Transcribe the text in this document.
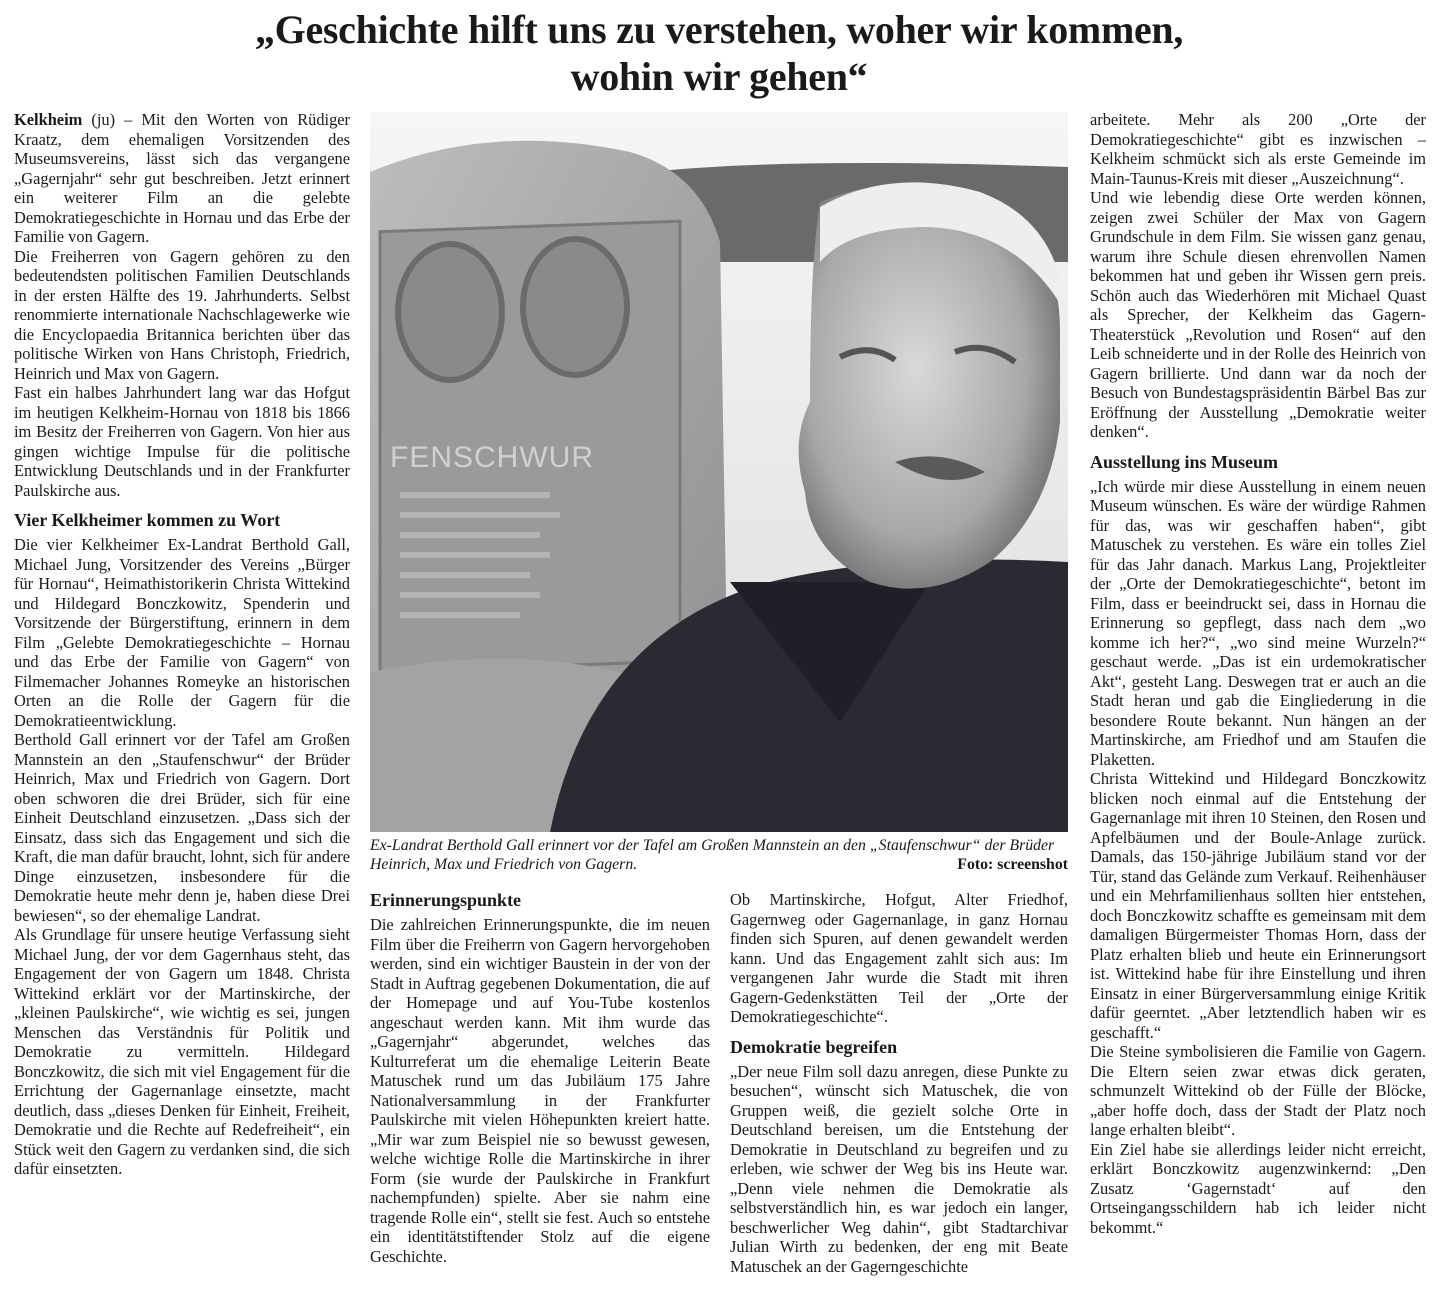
„Geschichte hilft uns zu verstehen, woher wir kommen,
wohin wir gehen“

Kelkheim (ju) – Mit den Worten von Rüdiger Kraatz, dem ehemaligen Vorsitzenden des Museumsvereins, lässt sich das vergangene „Gagernjahr“ sehr gut beschreiben. Jetzt erinnert ein weiterer Film an die gelebte Demokratiegeschichte in Hornau und das Erbe der Familie von Gagern.

Die Freiherren von Gagern gehören zu den bedeutendsten politischen Familien Deutschlands in der ersten Hälfte des 19. Jahrhunderts. Selbst renommierte internationale Nachschlagewerke wie die Encyclopaedia Britannica berichten über das politische Wirken von Hans Christoph, Friedrich, Heinrich und Max von Gagern.

Fast ein halbes Jahrhundert lang war das Hofgut im heutigen Kelkheim-Hornau von 1818 bis 1866 im Besitz der Freiherren von Gagern. Von hier aus gingen wichtige Impulse für die politische Entwicklung Deutschlands und in der Frankfurter Paulskirche aus.

Vier Kelkheimer kommen zu Wort

Die vier Kelkheimer Ex-Landrat Berthold Gall, Michael Jung, Vorsitzender des Vereins „Bürger für Hornau“, Heimathistorikerin Christa Wittekind und Hildegard Bonczkowitz, Spenderin und Vorsitzende der Bürgerstiftung, erinnern in dem Film „Gelebte Demokratiegeschichte – Hornau und das Erbe der Familie von Gagern“ von Filmemacher Johannes Romeyke an historischen Orten an die Rolle der Gagern für die Demokratieentwicklung.

Berthold Gall erinnert vor der Tafel am Großen Mannstein an den „Staufenschwur“ der Brüder Heinrich, Max und Friedrich von Gagern. Dort oben schworen die drei Brüder, sich für eine Einheit Deutschland einzusetzen. „Dass sich der Einsatz, dass sich das Engagement und sich die Kraft, die man dafür braucht, lohnt, sich für andere Dinge einzusetzen, insbesondere für die Demokratie heute mehr denn je, haben diese Drei bewiesen“, so der ehemalige Landrat.

Als Grundlage für unsere heutige Verfassung sieht Michael Jung, der vor dem Gagernhaus steht, das Engagement der von Gagern um 1848. Christa Wittekind erklärt vor der Martinskirche, der „kleinen Paulskirche“, wie wichtig es sei, jungen Menschen das Verständnis für Politik und Demokratie zu vermitteln. Hildegard Bonczkowitz, die sich mit viel Engagement für die Errichtung der Gagernanlage einsetzte, macht deutlich, dass „dieses Denken für Einheit, Freiheit, Demokratie und die Rechte auf Redefreiheit“, ein Stück weit den Gagern zu verdanken sind, die sich dafür einsetzten.

FENSCHWUR
Ex-Landrat Berthold Gall erinnert vor der Tafel am Großen Mannstein an den „Staufenschwur“ der Brüder Heinrich, Max und Friedrich von Gagern.	Foto: screenshot
Erinnerungspunkte

Die zahlreichen Erinnerungspunkte, die im neuen Film über die Freiherrn von Gagern hervorgehoben werden, sind ein wichtiger Baustein in der von der Stadt in Auftrag gegebenen Dokumentation, die auf der Homepage und auf You-Tube kostenlos angeschaut werden kann. Mit ihm wurde das „Gagernjahr“ abgerundet, welches das Kulturreferat um die ehemalige Leiterin Beate Matuschek rund um das Jubiläum 175 Jahre Nationalversammlung in der Frankfurter Paulskirche mit vielen Höhepunkten kreiert hatte. „Mir war zum Beispiel nie so bewusst gewesen, welche wichtige Rolle die Martinskirche in ihrer Form (sie wurde der Paulskirche in Frankfurt nachempfunden) spielte. Aber sie nahm eine tragende Rolle ein“, stellt sie fest. Auch so entstehe ein identitätstiftender Stolz auf die eigene Geschichte.

Ob Martinskirche, Hofgut, Alter Friedhof, Gagernweg oder Gagernanlage, in ganz Hornau finden sich Spuren, auf denen gewandelt werden kann. Und das Engagement zahlt sich aus: Im vergangenen Jahr wurde die Stadt mit ihren Gagern-Gedenkstätten Teil der „Orte der Demokratiegeschichte“.

Demokratie begreifen

„Der neue Film soll dazu anregen, diese Punkte zu besuchen“, wünscht sich Matuschek, die von Gruppen weiß, die gezielt solche Orte in Deutschland bereisen, um die Entstehung der Demokratie in Deutschland zu begreifen und zu erleben, wie schwer der Weg bis ins Heute war. „Denn viele nehmen die Demokratie als selbstverständlich hin, es war jedoch ein langer, beschwerlicher Weg dahin“, gibt Stadtarchivar Julian Wirth zu bedenken, der eng mit Beate Matuschek an der Gagerngeschichte

arbeitete. Mehr als 200 „Orte der Demokratiegeschichte“ gibt es inzwischen – Kelkheim schmückt sich als erste Gemeinde im Main-Taunus-Kreis mit dieser „Auszeichnung“.

Und wie lebendig diese Orte werden können, zeigen zwei Schüler der Max von Gagern Grundschule in dem Film. Sie wissen ganz genau, warum ihre Schule diesen ehrenvollen Namen bekommen hat und geben ihr Wissen gern preis. Schön auch das Wiederhören mit Michael Quast als Sprecher, der Kelkheim das Gagern-Theaterstück „Revolution und Rosen“ auf den Leib schneiderte und in der Rolle des Heinrich von Gagern brillierte. Und dann war da noch der Besuch von Bundestagspräsidentin Bärbel Bas zur Eröffnung der Ausstellung „Demokratie weiter denken“.

Ausstellung ins Museum

„Ich würde mir diese Ausstellung in einem neuen Museum wünschen. Es wäre der würdige Rahmen für das, was wir geschaffen haben“, gibt Matuschek zu verstehen. Es wäre ein tolles Ziel für das Jahr danach. Markus Lang, Projektleiter der „Orte der Demokratiegeschichte“, betont im Film, dass er beeindruckt sei, dass in Hornau die Erinnerung so gepflegt, dass nach dem „wo komme ich her?“, „wo sind meine Wurzeln?“ geschaut werde. „Das ist ein urdemokratischer Akt“, gesteht Lang. Deswegen trat er auch an die Stadt heran und gab die Eingliederung in die besondere Route bekannt. Nun hängen an der Martinskirche, am Friedhof und am Staufen die Plaketten.

Christa Wittekind und Hildegard Bonczkowitz blicken noch einmal auf die Entstehung der Gagernanlage mit ihren 10 Steinen, den Rosen und Apfelbäumen und der Boule-Anlage zurück. Damals, das 150-jährige Jubiläum stand vor der Tür, stand das Gelände zum Verkauf. Reihenhäuser und ein Mehrfamilienhaus sollten hier entstehen, doch Bonczkowitz schaffte es gemeinsam mit dem damaligen Bürgermeister Thomas Horn, dass der Platz erhalten blieb und heute ein Erinnerungsort ist. Wittekind habe für ihre Einstellung und ihren Einsatz in einer Bürgerversammlung einige Kritik dafür geerntet. „Aber letztendlich haben wir es geschafft.“

Die Steine symbolisieren die Familie von Gagern. Die Eltern seien zwar etwas dick geraten, schmunzelt Wittekind ob der Fülle der Blöcke, „aber hoffe doch, dass der Stadt der Platz noch lange erhalten bleibt“.

Ein Ziel habe sie allerdings leider nicht erreicht, erklärt Bonczkowitz augenzwinkernd: „Den Zusatz ‘Gagernstadt‘ auf den Ortseingangsschildern hab ich leider nicht bekommt.“
